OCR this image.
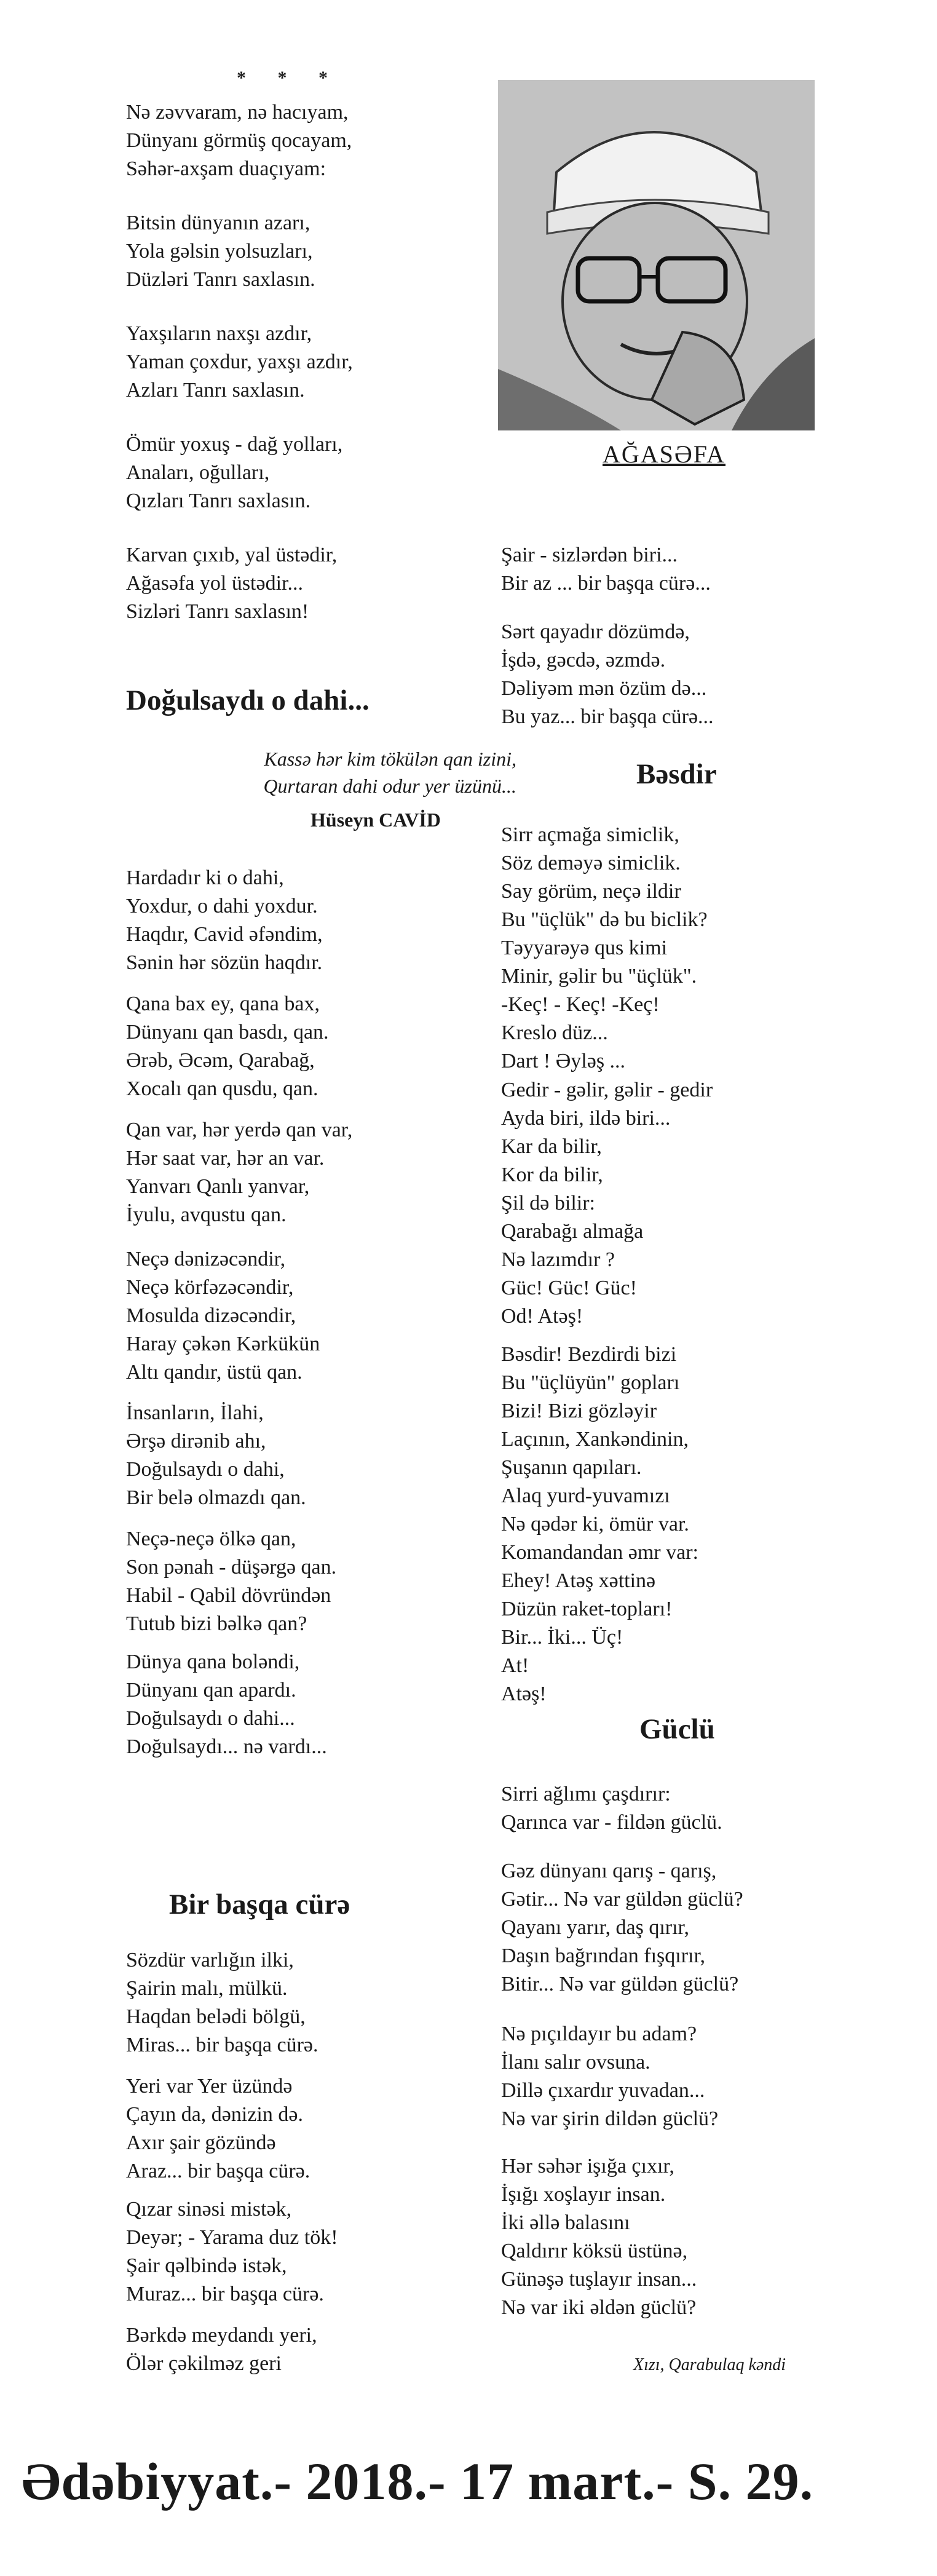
* * *
Nə zəvvaram, nə hacıyam,
Dünyanı görmüş qocayam,
Səhər-axşam duaçıyam:
Bitsin dünyanın azarı,
Yola gəlsin yolsuzları,
Düzləri Tanrı saxlasın.
Yaxşıların naxşı azdır,
Yaman çoxdur, yaxşı azdır,
Azları Tanrı saxlasın.
Ömür yoxuş - dağ yolları,
Anaları, oğulları,
Qızları Tanrı saxlasın.
Karvan çıxıb, yal üstədir,
Ağasəfa yol üstədir...
Sizləri Tanrı saxlasın!
Doğulsaydı o dahi...
Kassə hər kim tökülən qan izini,
Qurtaran dahi odur yer üzünü...
Hüseyn CAVİD
Hardadır ki o dahi,
Yoxdur, o dahi yoxdur.
Haqdır, Cavid əfəndim,
Sənin hər sözün haqdır.
Qana bax ey, qana bax,
Dünyanı qan basdı, qan.
Ərəb, Əcəm, Qarabağ,
Xocalı qan qusdu, qan.
Qan var, hər yerdə qan var,
Hər saat var, hər an var.
Yanvarı Qanlı yanvar,
İyulu, avqustu qan.
Neçə dənizəcəndir,
Neçə körfəzəcəndir,
Mosulda dizəcəndir,
Haray çəkən Kərkükün
Altı qandır, üstü qan.
İnsanların, İlahi,
Ərşə dirənib ahı,
Doğulsaydı o dahi,
Bir belə olmazdı qan.
Neçə-neçə ölkə qan,
Son pənah - düşərgə qan.
Habil - Qabil dövründən
Tutub bizi bəlkə qan?
Dünya qana boləndi,
Dünyanı qan apardı.
Doğulsaydı o dahi...
Doğulsaydı... nə vardı...
Bir başqa cürə
Sözdür varlığın ilki,
Şairin malı, mülkü.
Haqdan belədi bölgü,
Miras... bir başqa cürə.
Yeri var Yer üzündə
Çayın da, dənizin də.
Axır şair gözündə
Araz... bir başqa cürə.
Qızar sinəsi mistək,
Deyər; - Yarama duz tök!
Şair qəlbində istək,
Muraz... bir başqa cürə.
Bərkdə meydandı yeri,
Ölər çəkilməz geri
AĞASƏFA
Şair - sizlərdən biri...
Bir az ... bir başqa cürə...
Sərt qayadır dözümdə,
İşdə, gəcdə, əzmdə.
Dəliyəm mən özüm də...
Bu yaz... bir başqa cürə...
Bəsdir
Sirr açmağa simiclik,
Söz deməyə simiclik.
Say görüm, neçə ildir
Bu "üçlük" də bu biclik?
Təyyarəyə qus kimi
Minir, gəlir bu "üçlük".
-Keç! - Keç! -Keç!
Kreslo düz...
Dart ! Əyləş ...
Gedir - gəlir, gəlir - gedir
Ayda biri, ildə biri...
Kar da bilir,
Kor da bilir,
Şil də bilir:
Qarabağı almağa
Nə lazımdır ?
Güc! Güc! Güc!
Od! Atəş!
Bəsdir! Bezdirdi bizi
Bu "üçlüyün" gopları
Bizi! Bizi gözləyir
Laçının, Xankəndinin,
Şuşanın qapıları.
Alaq yurd-yuvamızı
Nə qədər ki, ömür var.
Komandandan əmr var:
Ehey! Atəş xəttinə
Düzün raket-topları!
Bir... İki... Üç!
At!
Atəş!
Güclü
Sirri ağlımı çaşdırır:
Qarınca var - fildən güclü.
Gəz dünyanı qarış - qarış,
Gətir... Nə var güldən güclü?
Qayanı yarır, daş qırır,
Daşın bağrından fışqırır,
Bitir... Nə var güldən güclü?
Nə pıçıldayır bu adam?
İlanı salır ovsuna.
Dillə çıxardır yuvadan...
Nə var şirin dildən güclü?
Hər səhər işığa çıxır,
İşığı xoşlayır insan.
İki əllə balasını
Qaldırır köksü üstünə,
Günəşə tuşlayır insan...
Nə var iki əldən güclü?
Xızı, Qarabulaq kəndi
Ədəbiyyat.- 2018.- 17 mart.- S. 29.
